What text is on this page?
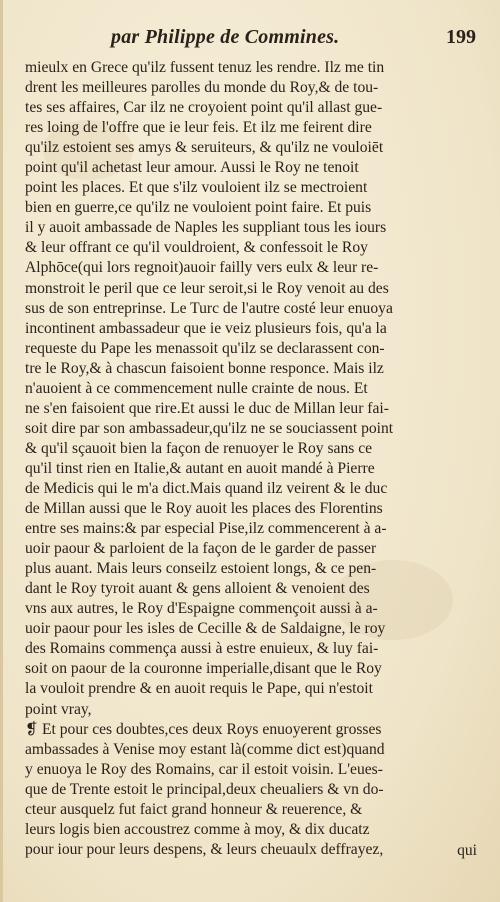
par Philippe de Commines.	199
mieulx en Grece qu'ilz fussent tenuz les rendre. Ilz me tin
drent les meilleures parolles du monde du Roy,& de tou-
tes ses affaires, Car ilz ne croyoient point qu'il allast gue-
res loing de l'offre que ie leur feis. Et ilz me feirent dire
qu'ilz estoient ses amys & seruiteurs, & qu'ilz ne vouloiēt
point qu'il achetast leur amour. Aussi le Roy ne tenoit
point les places. Et que s'ilz vouloient ilz se mectroient
bien en guerre,ce qu'ilz ne vouloient point faire. Et puis
il y auoit ambassade de Naples les suppliant tous les iours
& leur offrant ce qu'il vouldroient, & confessoit le Roy
Alphōce(qui lors regnoit)auoir failly vers eulx & leur re-
monstroit le peril que ce leur seroit,si le Roy venoit au des
sus de son entreprinse. Le Turc de l'autre costé leur enuoya
incontinent ambassadeur que ie veiz plusieurs fois, qu'a la
requeste du Pape les menassoit qu'ilz se declarassent con-
tre le Roy,& à chascun faisoient bonne responce. Mais ilz
n'auoient à ce commencement nulle crainte de nous. Et
ne s'en faisoient que rire.Et aussi le duc de Millan leur fai-
soit dire par son ambassadeur,qu'ilz ne se souciassent point
& qu'il sçauoit bien la façon de renuoyer le Roy sans ce
qu'il tinst rien en Italie,& autant en auoit mandé à Pierre
de Medicis qui le m'a dict.Mais quand ilz veirent & le duc
de Millan aussi que le Roy auoit les places des Florentins
entre ses mains:& par especial Pise,ilz commencerent à a-
uoir paour & parloient de la façon de le garder de passer
plus auant. Mais leurs conseilz estoient longs, & ce pen-
dant le Roy tyroit auant & gens alloient & venoient des
vns aux autres, le Roy d'Espaigne commençoit aussi à a-
uoir paour pour les isles de Cecille & de Saldaigne, le roy
des Romains commença aussi à estre enuieux, & luy fai-
soit on paour de la couronne imperialle,disant que le Roy
la vouloit prendre & en auoit requis le Pape, qui n'estoit
point vray,
❡ Et pour ces doubtes,ces deux Roys enuoyerent grosses
ambassades à Venise moy estant là(comme dict est)quand
y enuoya le Roy des Romains, car il estoit voisin. L'eues-
que de Trente estoit le principal,deux cheualiers & vn do-
cteur ausquelz fut faict grand honneur & reuerence, &
leurs logis bien accoustrez comme à moy, & dix ducatz
pour iour pour leurs despens, & leurs cheuaulx deffrayez,	qui
